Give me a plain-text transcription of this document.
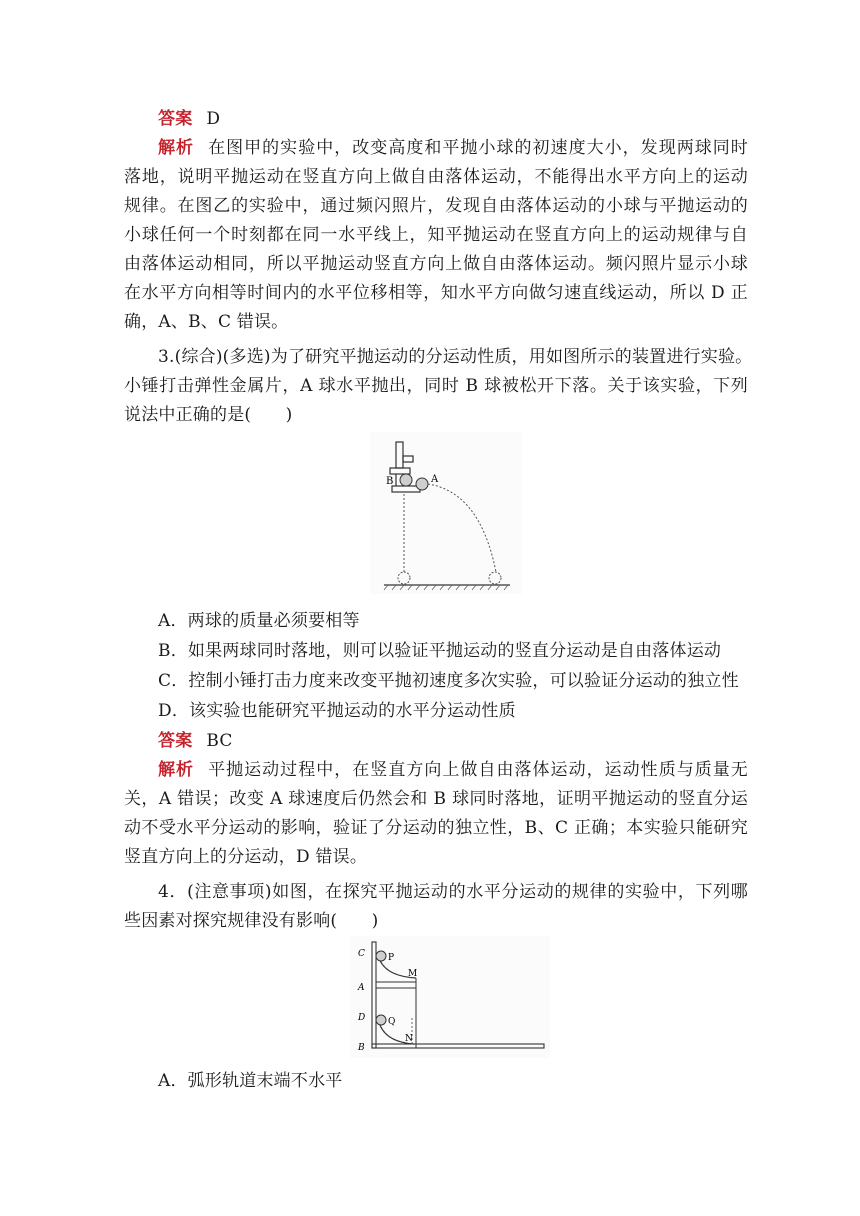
答案 D
解析 在图甲的实验中，改变高度和平抛小球的初速度大小，发现两球同时
落地，说明平抛运动在竖直方向上做自由落体运动，不能得出水平方向上的运动
规律。在图乙的实验中，通过频闪照片，发现自由落体运动的小球与平抛运动的
小球任何一个时刻都在同一水平线上，知平抛运动在竖直方向上的运动规律与自
由落体运动相同，所以平抛运动竖直方向上做自由落体运动。频闪照片显示小球
在水平方向相等时间内的水平位移相等，知水平方向做匀速直线运动，所以 D 正
确，A、B、C 错误。
3.(综合)(多选)为了研究平抛运动的分运动性质，用如图所示的装置进行实验。
小锤打击弹性金属片，A 球水平抛出，同时 B 球被松开下落。关于该实验，下列
说法中正确的是(　　)
B	A
A．两球的质量必须要相等
B．如果两球同时落地，则可以验证平抛运动的竖直分运动是自由落体运动
C．控制小锤打击力度来改变平抛初速度多次实验，可以验证分运动的独立性
D．该实验也能研究平抛运动的水平分运动性质
答案 BC
解析 平抛运动过程中，在竖直方向上做自由落体运动，运动性质与质量无
关，A 错误；改变 A 球速度后仍然会和 B 球同时落地，证明平抛运动的竖直分运
动不受水平分运动的影响，验证了分运动的独立性，B、C 正确；本实验只能研究
竖直方向上的分运动，D 错误。
4．(注意事项)如图，在探究平抛运动的水平分运动的规律的实验中，下列哪
些因素对探究规律没有影响(　　)
C	P
M
A
D	Q
N
B
A．弧形轨道末端不水平
